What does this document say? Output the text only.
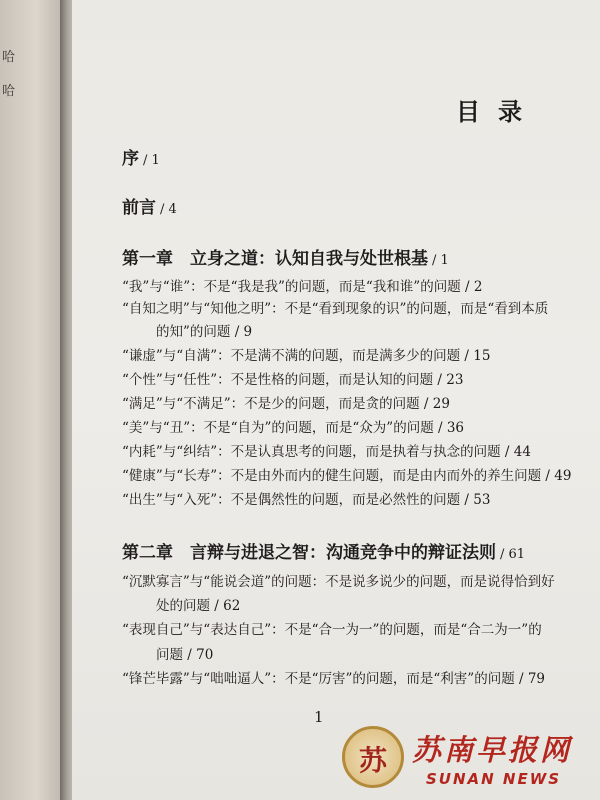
哈
哈
目录
序 / 1
前言 / 4
第一章　立身之道：认知自我与处世根基 / 1
“我”与“谁”：不是“我是我”的问题，而是“我和谁”的问题 / 2
“自知之明”与“知他之明”：不是“看到现象的识”的问题，而是“看到本质
的知”的问题 / 9
“谦虚”与“自满”：不是满不满的问题，而是满多少的问题 / 15
“个性”与“任性”：不是性格的问题，而是认知的问题 / 23
“满足”与“不满足”：不是少的问题，而是贪的问题 / 29
“美”与“丑”：不是“自为”的问题，而是“众为”的问题 / 36
“内耗”与“纠结”：不是认真思考的问题，而是执着与执念的问题 / 44
“健康”与“长寿”：不是由外而内的健生问题，而是由内而外的养生问题 / 49
“出生”与“入死”：不是偶然性的问题，而是必然性的问题 / 53
第二章　言辩与进退之智：沟通竞争中的辩证法则 / 61
“沉默寡言”与“能说会道”的问题：不是说多说少的问题，而是说得恰到好
处的问题 / 62
“表现自己”与“表达自己”：不是“合一为一”的问题，而是“合二为一”的
问题 / 70
“锋芒毕露”与“咄咄逼人”：不是“厉害”的问题，而是“利害”的问题 / 79
1
苏 苏南早报网
SUNAN NEWS
